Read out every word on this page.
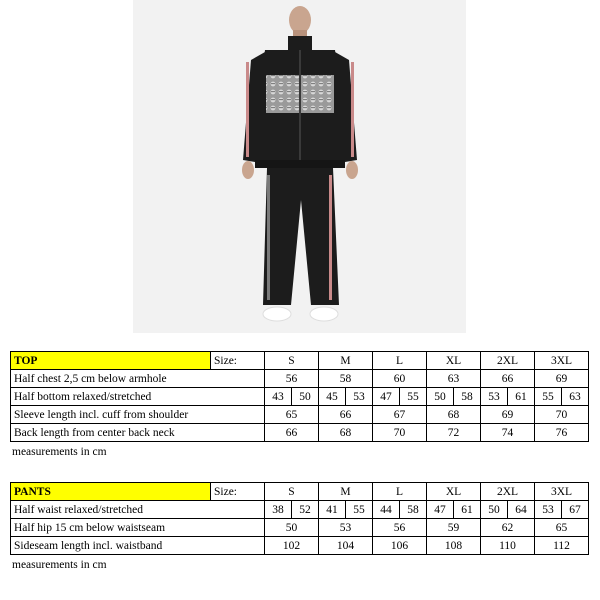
TOP	Size:	S		M		L		XL		2XL		3XL	
Half chest 2,5 cm below armhole		56		58		60		63		66		69	
Half bottom relaxed/stretched		43	50	45	53	47	55	50	58	53	61	55	63
Sleeve length incl. cuff from shoulder		65		66		67		68		69		70	
Back length from center back neck		66		68		70		72		74		76	
measurements in cm
PANTS	Size:	S		M		L		XL		2XL		3XL	
Half waist relaxed/stretched		38	52	41	55	44	58	47	61	50	64	53	67
Half hip 15 cm below waistseam		50		53		56		59		62		65	
Sideseam length incl. waistband		102		104		106		108		110		112	
measurements in cm
